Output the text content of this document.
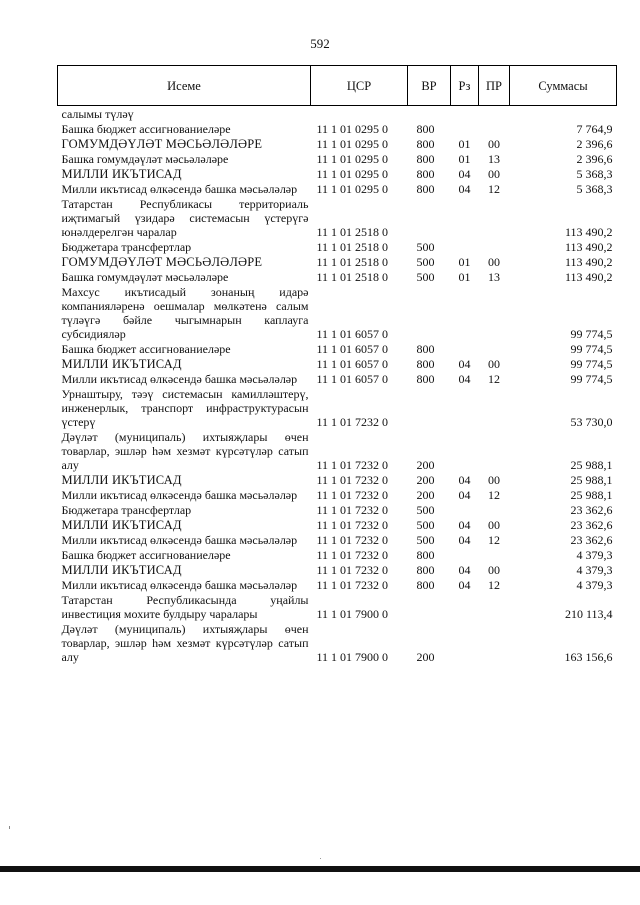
592
Исеме	ЦСР	ВР	Рз	ПР	Суммасы
салымы түләү					
Башка бюджет ассигнованиеләре	11 1 01 0295 0	800			7 764,9
ГОМУМДӘҮЛӘТ МӘСЬӘЛӘЛӘРЕ	11 1 01 0295 0	800	01	00	2 396,6
Башка гомумдәүләт мәсьәләләре	11 1 01 0295 0	800	01	13	2 396,6
МИЛЛИ ИКЪТИСАД	11 1 01 0295 0	800	04	00	5 368,3
Милли икътисад өлкәсендә башка мәсьәләләр	11 1 01 0295 0	800	04	12	5 368,3
Татарстан Республикасы территориаль иҗтимагый үзидарә системасын үстерүгә юнәлдерелгән чаралар	11 1 01 2518 0				113 490,2
Бюджетара трансфертлар	11 1 01 2518 0	500			113 490,2
ГОМУМДӘҮЛӘТ МӘСЬӘЛӘЛӘРЕ	11 1 01 2518 0	500	01	00	113 490,2
Башка гомумдәүләт мәсьәләләре	11 1 01 2518 0	500	01	13	113 490,2
Махсус икътисадый зонаның идарә компанияләренә оешмалар мөлкәтенә салым түләүгә бәйле чыгымнарын каплауга субсидияләр	11 1 01 6057 0				99 774,5
Башка бюджет ассигнованиеләре	11 1 01 6057 0	800			99 774,5
МИЛЛИ ИКЪТИСАД	11 1 01 6057 0	800	04	00	99 774,5
Милли икътисад өлкәсендә башка мәсьәләләр	11 1 01 6057 0	800	04	12	99 774,5
Урнаштыру, тәэү системасын камилләштерү, инженерлык, транспорт инфраструктурасын үстерү	11 1 01 7232 0				53 730,0
Дәүләт (муниципаль) ихтыяҗлары өчен товарлар, эшләр һәм хезмәт күрсәтүләр сатып алу	11 1 01 7232 0	200			25 988,1
МИЛЛИ ИКЪТИСАД	11 1 01 7232 0	200	04	00	25 988,1
Милли икътисад өлкәсендә башка мәсьәләләр	11 1 01 7232 0	200	04	12	25 988,1
Бюджетара трансфертлар	11 1 01 7232 0	500			23 362,6
МИЛЛИ ИКЪТИСАД	11 1 01 7232 0	500	04	00	23 362,6
Милли икътисад өлкәсендә башка мәсьәләләр	11 1 01 7232 0	500	04	12	23 362,6
Башка бюджет ассигнованиеләре	11 1 01 7232 0	800			4 379,3
МИЛЛИ ИКЪТИСАД	11 1 01 7232 0	800	04	00	4 379,3
Милли икътисад өлкәсендә башка мәсьәләләр	11 1 01 7232 0	800	04	12	4 379,3
Татарстан Республикасында уңайлы инвестиция мохите булдыру чаралары	11 1 01 7900 0				210 113,4
Дәүләт (муниципаль) ихтыяҗлары өчен товарлар, эшләр һәм хезмәт күрсәтүләр сатып алу	11 1 01 7900 0	200			163 156,6
